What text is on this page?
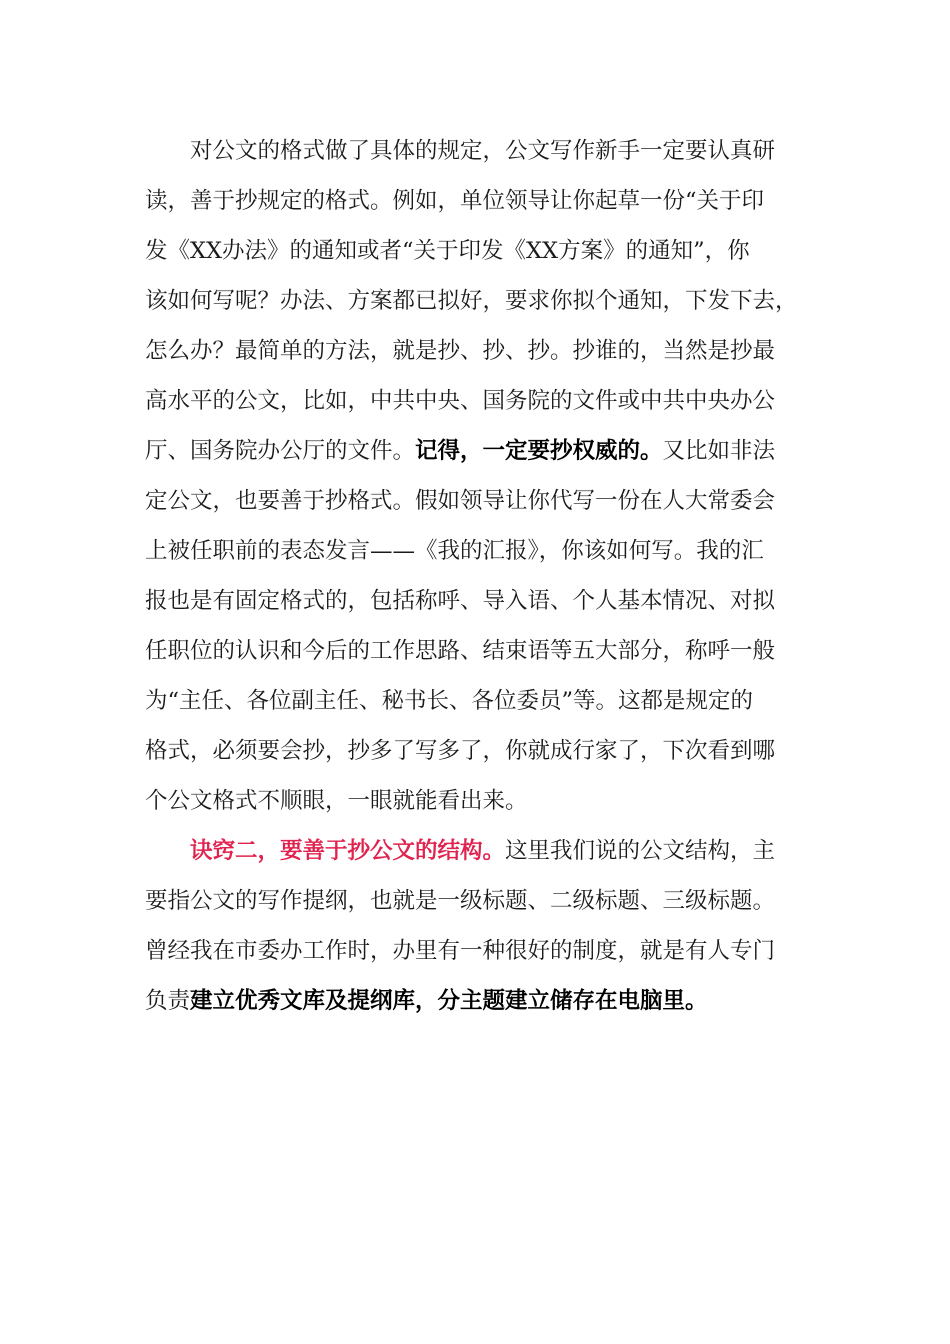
对公文的格式做了具体的规定，公文写作新手一定要认真研
读，善于抄规定的格式。例如，单位领导让你起草一份“关于印
发《XX办法》的通知或者“关于印发《XX方案》的通知”，你
该如何写呢？办法、方案都已拟好，要求你拟个通知，下发下去，
怎么办？最简单的方法，就是抄、抄、抄。抄谁的，当然是抄最
高水平的公文，比如，中共中央、国务院的文件或中共中央办公
厅、国务院办公厅的文件。记得，一定要抄权威的。又比如非法
定公文，也要善于抄格式。假如领导让你代写一份在人大常委会
上被任职前的表态发言——《我的汇报》，你该如何写。我的汇
报也是有固定格式的，包括称呼、导入语、个人基本情况、对拟
任职位的认识和今后的工作思路、结束语等五大部分，称呼一般
为“主任、各位副主任、秘书长、各位委员”等。这都是规定的
格式，必须要会抄，抄多了写多了，你就成行家了，下次看到哪
个公文格式不顺眼，一眼就能看出来。
诀窍二，要善于抄公文的结构。这里我们说的公文结构，主
要指公文的写作提纲，也就是一级标题、二级标题、三级标题。
曾经我在市委办工作时，办里有一种很好的制度，就是有人专门
负责建立优秀文库及提纲库，分主题建立储存在电脑里。
